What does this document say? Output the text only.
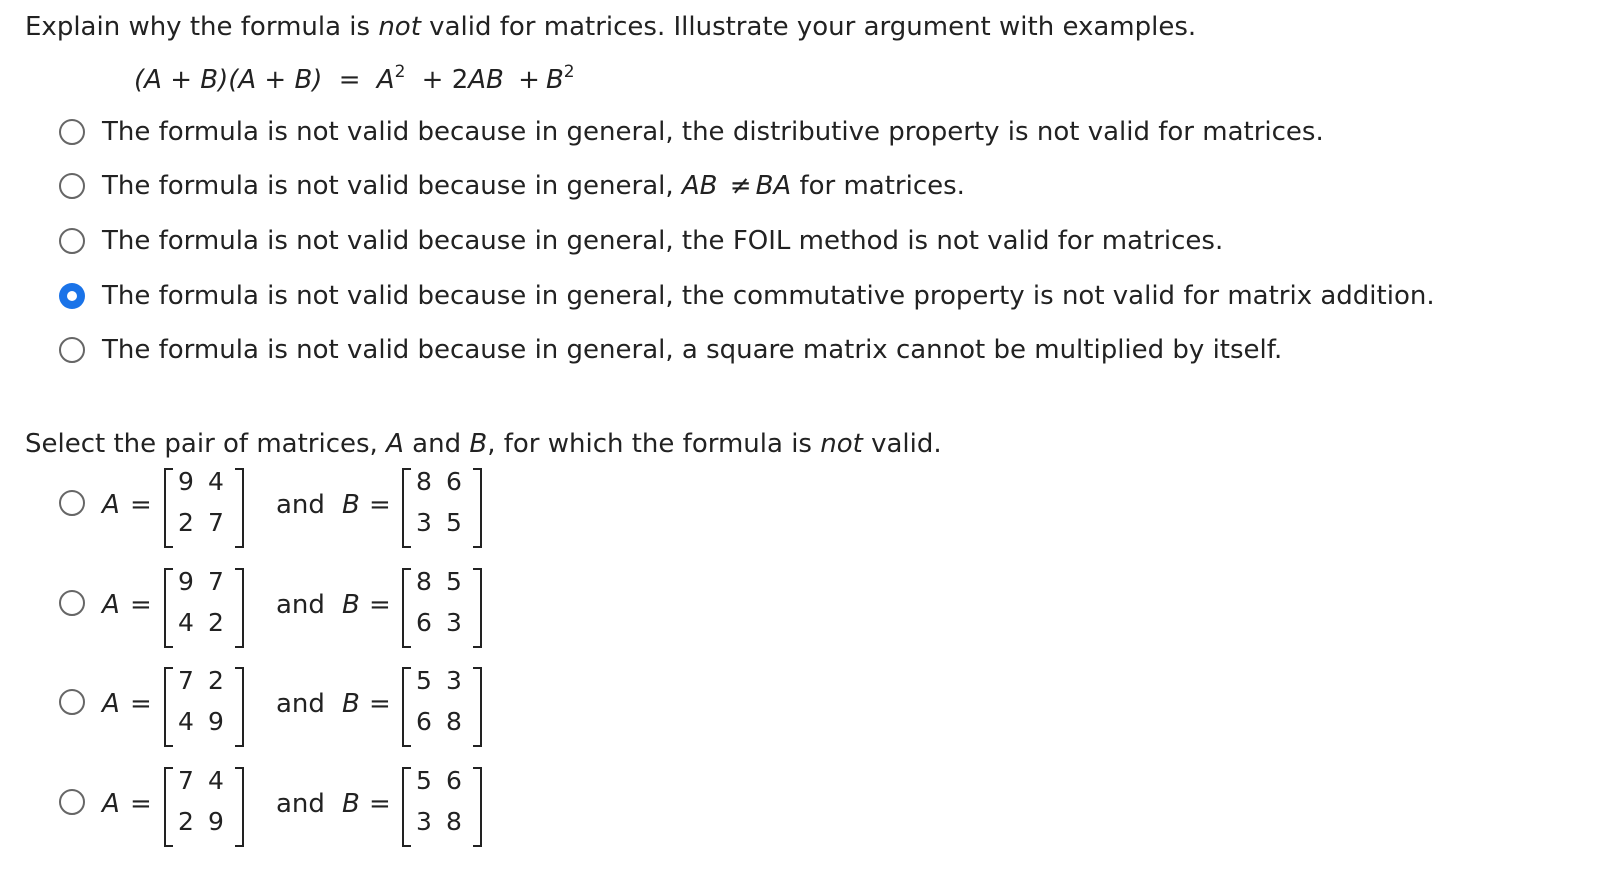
Explain why the formula is not valid for matrices. Illustrate your argument with examples.
$(A + B)(A + B) = A^2 + 2AB + B^2$
The formula is not valid because in general, the distributive property is not valid for matrices.
The formula is not valid because in general, AB ≠ BA for matrices.
The formula is not valid because in general, the FOIL method is not valid for matrices.
The formula is not valid because in general, the commutative property is not valid for matrix addition.
The formula is not valid because in general, a square matrix cannot be multiplied by itself.
Select the pair of matrices, A and B, for which the formula is not valid.
A =	and B =
9 4
2 7
8 6
3 5
A =	and B =
9 7
4 2
8 5
6 3
A =	and B =
7 2
4 9
5 3
6 8
A =	and B =
7 4
2 9
5 6
3 8
